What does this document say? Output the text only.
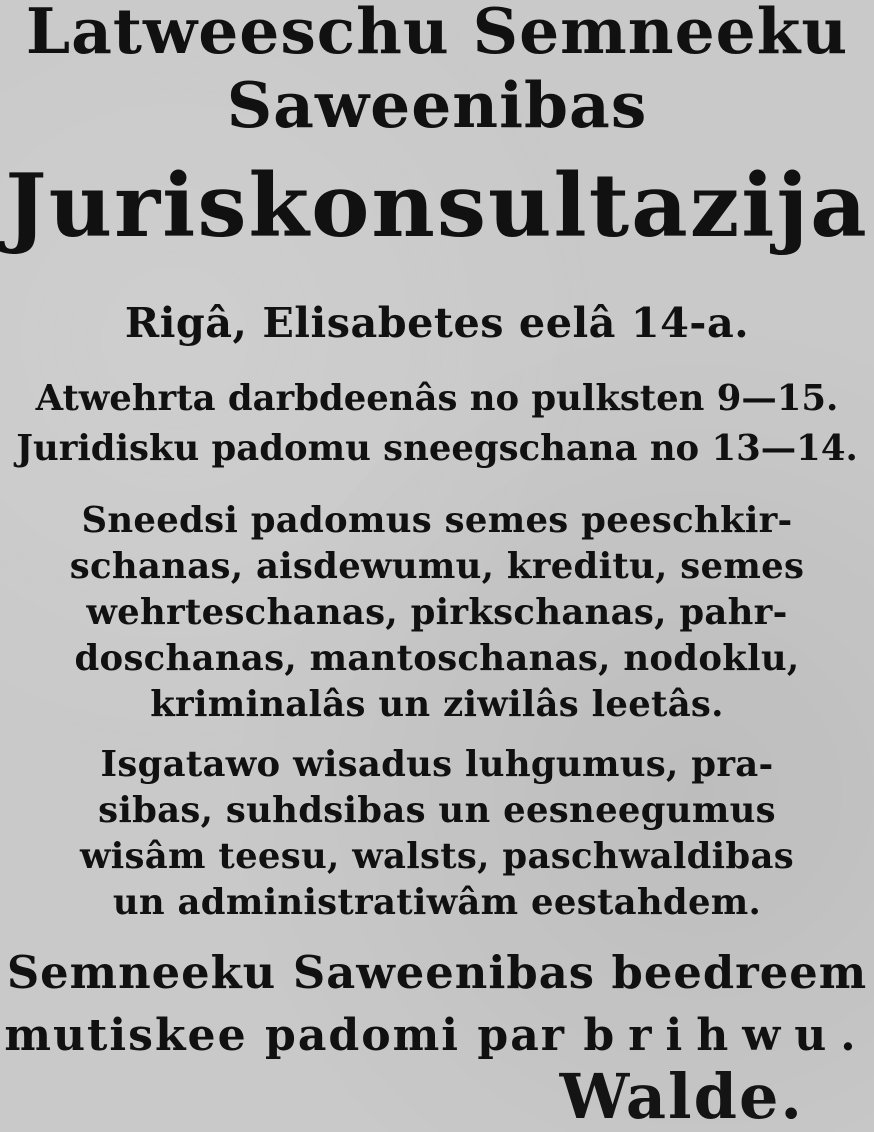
Latweeschu Semneeku
Saweenibas
Juriskonsultazija
Rigâ, Elisabetes eelâ 14-a.
Atwehrta darbdeenâs no pulksten 9—15.
Juridisku padomu sneegschana no 13—14.
Sneedsi padomus semes peeschkir-
schanas, aisdewumu, kreditu, semes
wehrteschanas, pirkschanas, pahr-
doschanas, mantoschanas, nodoklu,
kriminalâs un ziwilâs leetâs.
Isgatawo wisadus luhgumus, pra-
sibas, suhdsibas un eesneegumus
wisâm teesu, walsts, paschwaldibas
un administratiwâm eestahdem.
Semneeku Saweenibas beedreem
mutiskee padomi par brihwu.
Walde.
